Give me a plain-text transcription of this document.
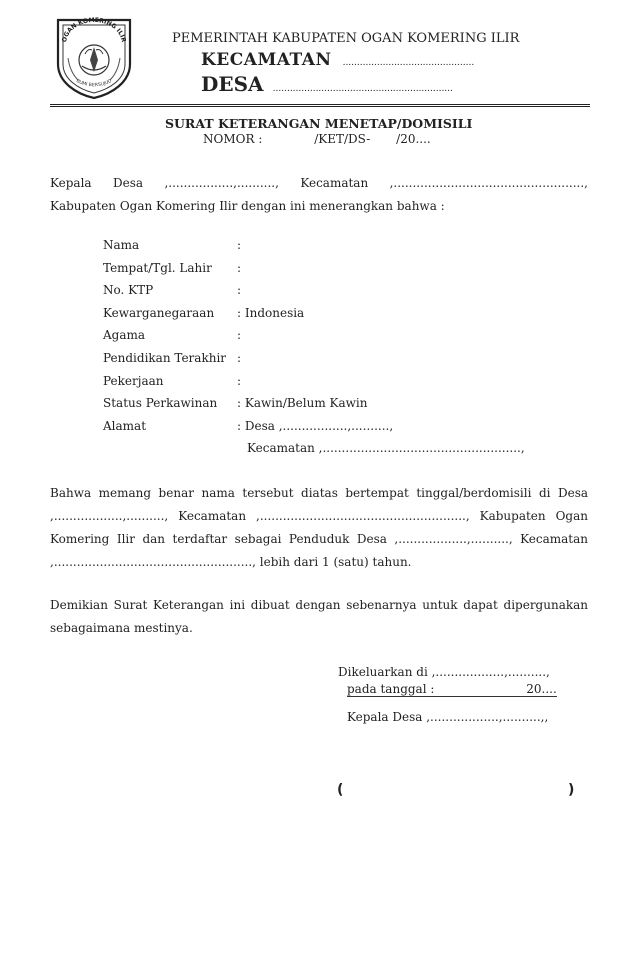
OGAN KOMERING ILIR
BUMI BERSUJUD
PEMERINTAH KABUPATEN OGAN KOMERING ILIR
KECAMATAN ..............................................
DESA ...............................................................
SURAT KETERANGAN MENETAP/DOMISILI
NOMOR :	/KET/DS- /20....
Kepala Desa ,.................,.........., Kecamatan ,..................................................,
Kabupaten Ogan Komering Ilir dengan ini menerangkan bahwa :
Nama	:
Tempat/Tgl. Lahir :
No. KTP	:
Kewarganegaraan : Indonesia
Agama	:
Pendidikan Terakhir :
Pekerjaan	:
Status Perkawinan : Kawin/Belum Kawin
Alamat	: Desa ,.................,..........,
Kecamatan ,....................................................,
Bahwa memang benar nama tersebut diatas bertempat tinggal/berdomisili di Desa
,..................,.........., Kecamatan ,......................................................, Kabupaten Ogan
Komering Ilir dan terdaftar sebagai Penduduk Desa ,..................,.........., Kecamatan
,...................................................., lebih dari 1 (satu) tahun.
Demikian Surat Keterangan ini dibuat dengan sebenarnya untuk dapat dipergunakan
sebagaimana mestinya.
Dikeluarkan di ,..................,..........,
pada tanggal :	20....
Kepala Desa ,..................,..........,,
(	)
